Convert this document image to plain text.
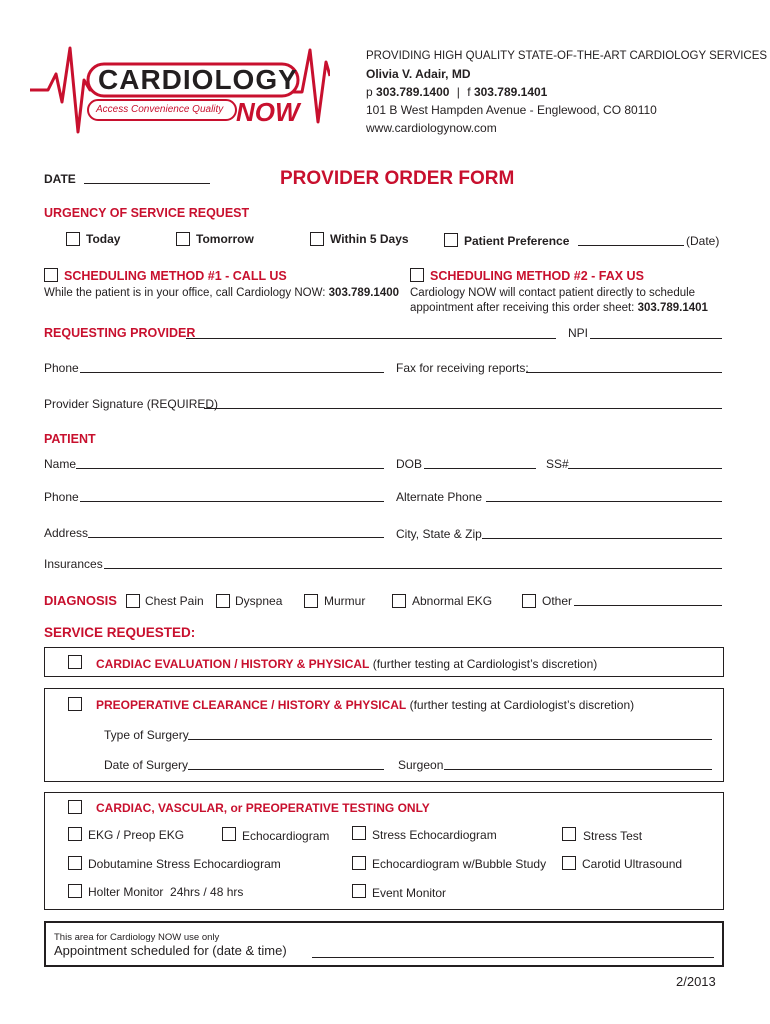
CARDIOLOGY
Access Convenience Quality NOW
PROVIDING HIGH QUALITY STATE-OF-THE-ART CARDIOLOGY SERVICES
Olivia V. Adair, MD
p 303.789.1400 | f 303.789.1401
101 B West Hampden Avenue - Englewood, CO 80110
www.cardiologynow.com
DATE	PROVIDER ORDER FORM
URGENCY OF SERVICE REQUEST
Today	Tomorrow	Within 5 Days	Patient Preference	(Date)
SCHEDULING METHOD #1 - CALL US
While the patient is in your office, call Cardiology NOW: 303.789.1400
SCHEDULING METHOD #2 - FAX US
Cardiology NOW will contact patient directly to schedule
appointment after receiving this order sheet: 303.789.1401
REQUESTING PROVIDER	NPI
Phone	Fax for receiving reports:
Provider Signature (REQUIRED)
PATIENT
Name	DOB	SS#
Phone	Alternate Phone
Address	City, State & Zip
Insurances
DIAGNOSIS Chest Pain	Dyspnea	Murmur	Abnormal EKG	Other
SERVICE REQUESTED:
CARDIAC EVALUATION / HISTORY & PHYSICAL (further testing at Cardiologist’s discretion)
PREOPERATIVE CLEARANCE / HISTORY & PHYSICAL (further testing at Cardiologist’s discretion)
Type of Surgery
Date of Surgery	Surgeon
CARDIAC, VASCULAR, or PREOPERATIVE TESTING ONLY
EKG / Preop EKG	Echocardiogram	Stress Echocardiogram	Stress Test
Dobutamine Stress Echocardiogram	Echocardiogram w/Bubble Study	Carotid Ultrasound
Holter Monitor  24hrs / 48 hrs	Event Monitor
This area for Cardiology NOW use only
Appointment scheduled for (date & time)
2/2013
